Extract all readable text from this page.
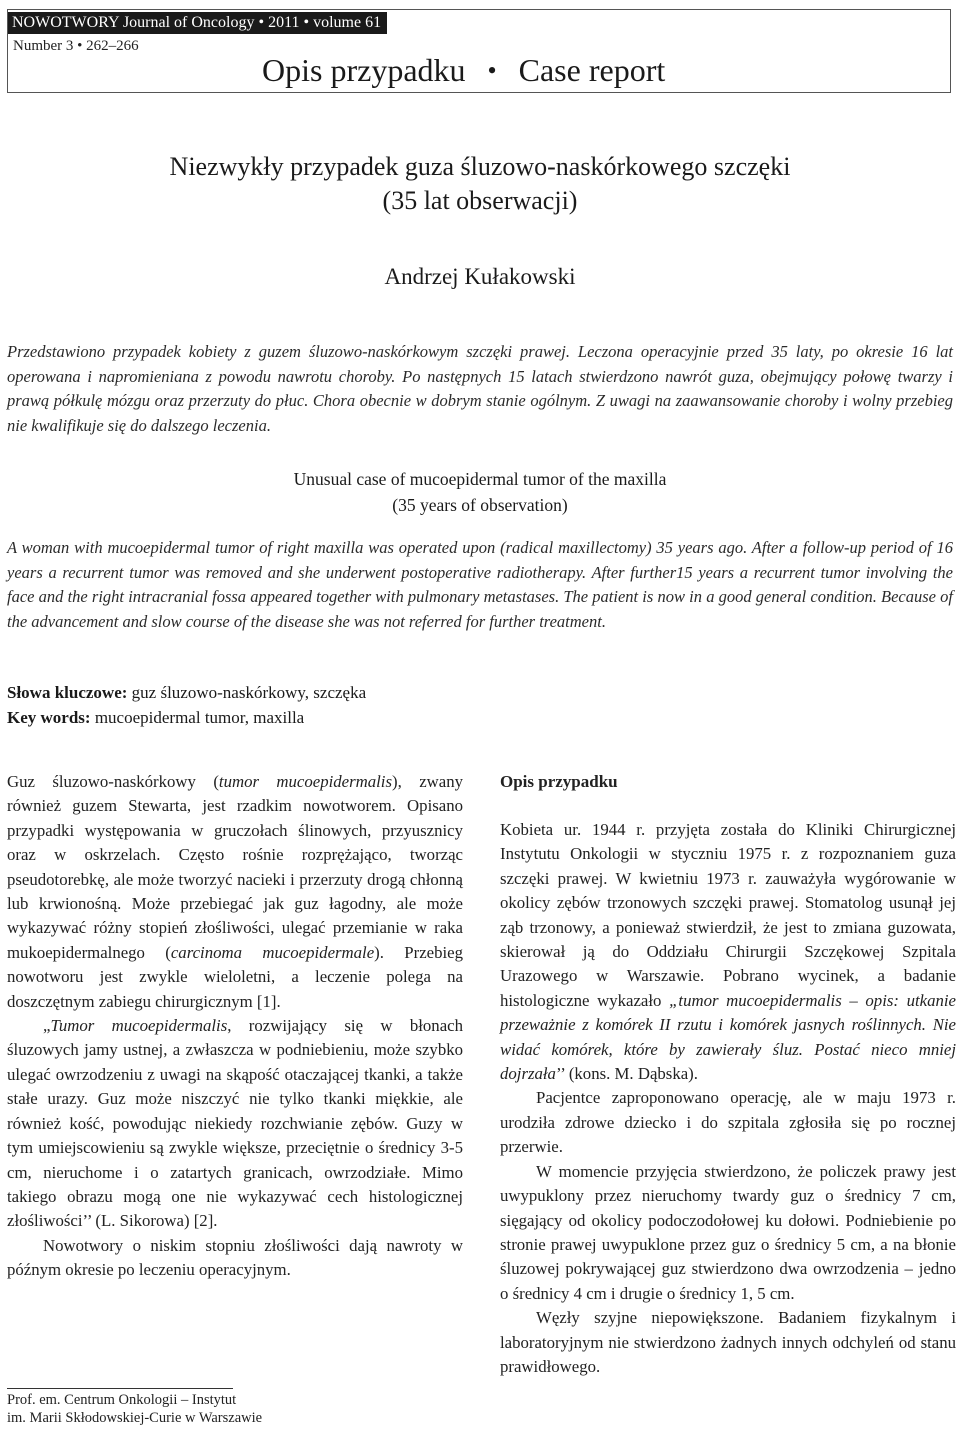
NOWOTWORY Journal of Oncology • 2011 • volume 61
Number 3 • 262–266
Opis przypadku • Case report
Niezwykły przypadek guza śluzowo-naskórkowego szczęki
(35 lat obserwacji)
Andrzej Kułakowski
Przedstawiono przypadek kobiety z guzem śluzowo-naskórkowym szczęki prawej. Leczona operacyjnie przed 35 laty, po okresie 16 lat operowana i napromieniana z powodu nawrotu choroby. Po następnych 15 latach stwierdzono nawrót guza, obejmujący połowę twarzy i prawą półkulę mózgu oraz przerzuty do płuc. Chora obecnie w dobrym stanie ogólnym. Z uwagi na zaawansowanie choroby i wolny przebieg nie kwalifikuje się do dalszego leczenia.
Unusual case of mucoepidermal tumor of the maxilla
(35 years of observation)
A woman with mucoepidermal tumor of right maxilla was operated upon (radical maxillectomy) 35 years ago. After a follow-up period of 16 years a recurrent tumor was removed and she underwent postoperative radiotherapy. After further15 years a recurrent tumor involving the face and the right intracranial fossa appeared together with pulmonary metastases. The patient is now in a good general condition. Because of the advancement and slow course of the disease she was not referred for further treatment.
Słowa kluczowe: guz śluzowo-naskórkowy, szczęka
Key words: mucoepidermal tumor, maxilla

Guz śluzowo-naskórkowy (tumor mucoepidermalis), zwany również guzem Stewarta, jest rzadkim nowotworem. Opisano przypadki występowania w gruczołach ślinowych, przyusznicy oraz w oskrzelach. Często rośnie rozprężająco, tworząc pseudotorebkę, ale może tworzyć nacieki i przerzuty drogą chłonną lub krwionośną. Może przebiegać jak guz łagodny, ale może wykazywać różny stopień złośliwości, ulegać przemianie w raka mukoepidermalnego (carcinoma mucoepidermale). Przebieg nowotworu jest zwykle wieloletni, a leczenie polega na doszczętnym zabiegu chirurgicznym [1].

„Tumor mucoepidermalis, rozwijający się w błonach śluzowych jamy ustnej, a zwłaszcza w podniebieniu, może szybko ulegać owrzodzeniu z uwagi na skąpość otaczającej tkanki, a także stałe urazy. Guz może niszczyć nie tylko tkanki miękkie, ale również kość, powodując niekiedy rozchwianie zębów. Guzy w tym umiejscowieniu są zwykle większe, przeciętnie o średnicy 3-5 cm, nieruchome i o zatartych granicach, owrzodziałe. Mimo takiego obrazu mogą one nie wykazywać cech histologicznej złośliwości’’ (L. Sikorowa) [2].

Nowotwory o niskim stopniu złośliwości dają nawroty w późnym okresie po leczeniu operacyjnym.

Opis przypadku

Kobieta ur. 1944 r. przyjęta została do Kliniki Chirurgicznej Instytutu Onkologii w styczniu 1975 r. z rozpoznaniem guza szczęki prawej. W kwietniu 1973 r. zauważyła wygórowanie w okolicy zębów trzonowych szczęki prawej. Stomatolog usunął jej ząb trzonowy, a ponieważ stwierdził, że jest to zmiana guzowata, skierował ją do Oddziału Chirurgii Szczękowej Szpitala Urazowego w Warszawie. Pobrano wycinek, a badanie histologiczne wykazało „tumor mucoepidermalis – opis: utkanie przeważnie z komórek II rzutu i komórek jasnych roślinnych. Nie widać komórek, które by zawierały śluz. Postać nieco mniej dojrzała’’ (kons. M. Dąbska).

Pacjentce zaproponowano operację, ale w maju 1973 r. urodziła zdrowe dziecko i do szpitala zgłosiła się po rocznej przerwie.

W momencie przyjęcia stwierdzono, że policzek prawy jest uwypuklony przez nieruchomy twardy guz o średnicy 7 cm, sięgający od okolicy podoczodołowej ku dołowi. Podniebienie po stronie prawej uwypuklone przez guz o średnicy 5 cm, a na błonie śluzowej pokrywającej guz stwierdzono dwa owrzodzenia – jedno o średnicy 4 cm i drugie o średnicy 1, 5 cm.

Węzły szyjne niepowiększone. Badaniem fizykalnym i laboratoryjnym nie stwierdzono żadnych innych odchyleń od stanu prawidłowego.

Prof. em. Centrum Onkologii – Instytut
im. Marii Skłodowskiej-Curie w Warszawie
